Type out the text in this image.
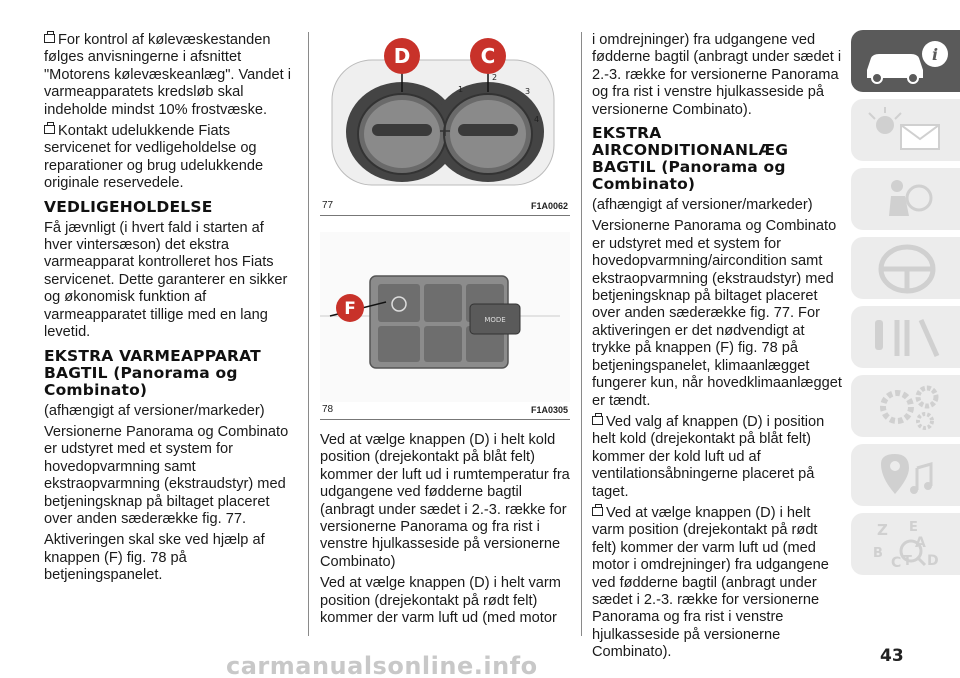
For kontrol af kølevæskestanden følges anvisningerne i afsnittet "Motorens kølevæskeanlæg". Vandet i varmeapparatets kredsløb skal indeholde mindst 10% frostvæske.

Kontakt udelukkende Fiats servicenet for vedligeholdelse og reparationer og brug udelukkende originale reservedele.

VEDLIGEHOLDELSE

Få jævnligt (i hvert fald i starten af hver vintersæson) det ekstra varmeapparat kontrolleret hos Fiats servicenet. Dette garanterer en sikker og økonomisk funktion af varmeapparatet tillige med en lang levetid.

EKSTRA VARMEAPPARAT BAGTIL (Panorama og Combinato)

(afhængigt af versioner/markeder)

Versionerne Panorama og Combinato er udstyret med et system for hovedopvarmning samt ekstraopvarmning (ekstraudstyr) med betjeningsknap på biltaget placeret over anden sæderække fig. 77.

Aktiveringen skal ske ved hjælp af knappen (F) fig. 78 på betjeningspanelet.

D	C
1
2
3
4
77	F1A0062
MODE
F
78	F1A0305

Ved at vælge knappen (D) i helt kold position (drejekontakt på blåt felt) kommer der luft ud i rumtemperatur fra udgangene ved fødderne bagtil (anbragt under sædet i 2.-3. række for versionerne Panorama og fra rist i venstre hjulkasseside på versionerne Combinato)

Ved at vælge knappen (D) i helt varm position (drejekontakt på rødt felt) kommer der varm luft ud (med motor

i omdrejninger) fra udgangene ved fødderne bagtil (anbragt under sædet i 2.-3. række for versionerne Panorama og fra rist i venstre hjulkasseside på versionerne Combinato).

EKSTRA AIRCONDITIONANLÆG BAGTIL (Panorama og Combinato)

(afhængigt af versioner/markeder)

Versionerne Panorama og Combinato er udstyret med et system for hovedopvarmning/aircondition samt ekstraopvarmning (ekstraudstyr) med betjeningsknap på biltaget placeret over anden sæderække fig. 77. For aktiveringen er det nødvendigt at trykke på knappen (F) fig. 78 på betjeningspanelet, klimaanlægget fungerer kun, når hovedklimaanlægget er tændt.

Ved valg af knappen (D) i position helt kold (drejekontakt på blåt felt) kommer der kold luft ud af ventilationsåbningerne placeret på taget.

Ved at vælge knappen (D) i helt varm position (drejekontakt på rødt felt) kommer der varm luft ud (med motor i omdrejninger) fra udgangene ved fødderne bagtil (anbragt under sædet i 2.-3. række for versionerne Panorama og fra rist i venstre hjulkasseside på versionerne Combinato).

i
Z E
A
B
C T D
carmanualsonline.info	43
